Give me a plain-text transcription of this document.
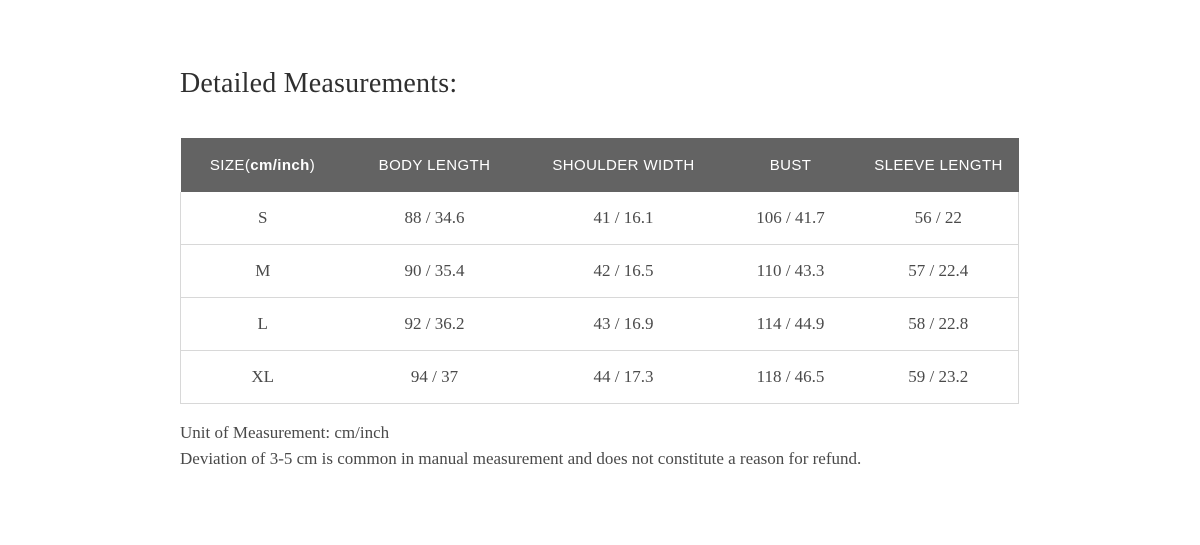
Detailed Measurements:
SIZE(cm/inch)	BODY LENGTH	SHOULDER WIDTH	BUST	SLEEVE LENGTH
S	88 / 34.6	41 / 16.1	106 / 41.7	56 / 22
M	90 / 35.4	42 / 16.5	110 / 43.3	57 / 22.4
L	92 / 36.2	43 / 16.9	114 / 44.9	58 / 22.8
XL	94 / 37	44 / 17.3	118 / 46.5	59 / 23.2
Unit of Measurement: cm/inch
Deviation of 3-5 cm is common in manual measurement and does not constitute a reason for refund.
